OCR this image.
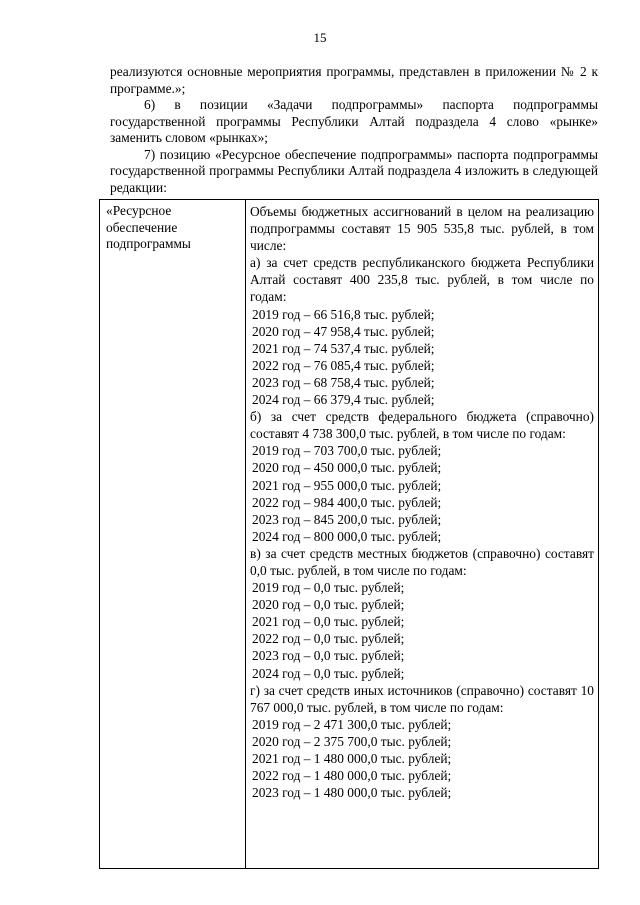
15

реализуются основные мероприятия программы, представлен в приложении № 2 к программе.»;

6) в позиции «Задачи подпрограммы» паспорта подпрограммы государственной программы Республики Алтай подраздела 4 слово «рынке» заменить словом «рынках»;

7) позицию «Ресурсное обеспечение подпрограммы» паспорта подпрограммы государственной программы Республики Алтай подраздела 4 изложить в следующей редакции:

«Ресурсное
обеспечение
подпрограммы

Объемы бюджетных ассигнований в целом на реализацию подпрограммы составят 15 905 535,8 тыс. рублей, в том числе:

а) за счет средств республиканского бюджета Республики Алтай составят 400 235,8 тыс. рублей, в том числе по годам:

2019 год – 66 516,8 тыс. рублей;

2020 год – 47 958,4 тыс. рублей;

2021 год – 74 537,4 тыс. рублей;

2022 год – 76 085,4 тыс. рублей;

2023 год – 68 758,4 тыс. рублей;

2024 год – 66 379,4 тыс. рублей;

б) за счет средств федерального бюджета (справочно) составят 4 738 300,0 тыс. рублей, в том числе по годам:

2019 год – 703 700,0 тыс. рублей;

2020 год – 450 000,0 тыс. рублей;

2021 год – 955 000,0 тыс. рублей;

2022 год – 984 400,0 тыс. рублей;

2023 год – 845 200,0 тыс. рублей;

2024 год – 800 000,0 тыс. рублей;

в) за счет средств местных бюджетов (справочно) составят 0,0 тыс. рублей, в том числе по годам:

2019 год – 0,0 тыс. рублей;

2020 год – 0,0 тыс. рублей;

2021 год – 0,0 тыс. рублей;

2022 год – 0,0 тыс. рублей;

2023 год – 0,0 тыс. рублей;

2024 год – 0,0 тыс. рублей;

г) за счет средств иных источников (справочно) составят 10 767 000,0 тыс. рублей, в том числе по годам:

2019 год – 2 471 300,0 тыс. рублей;

2020 год – 2 375 700,0 тыс. рублей;

2021 год – 1 480 000,0 тыс. рублей;

2022 год – 1 480 000,0 тыс. рублей;

2023 год – 1 480 000,0 тыс. рублей;
